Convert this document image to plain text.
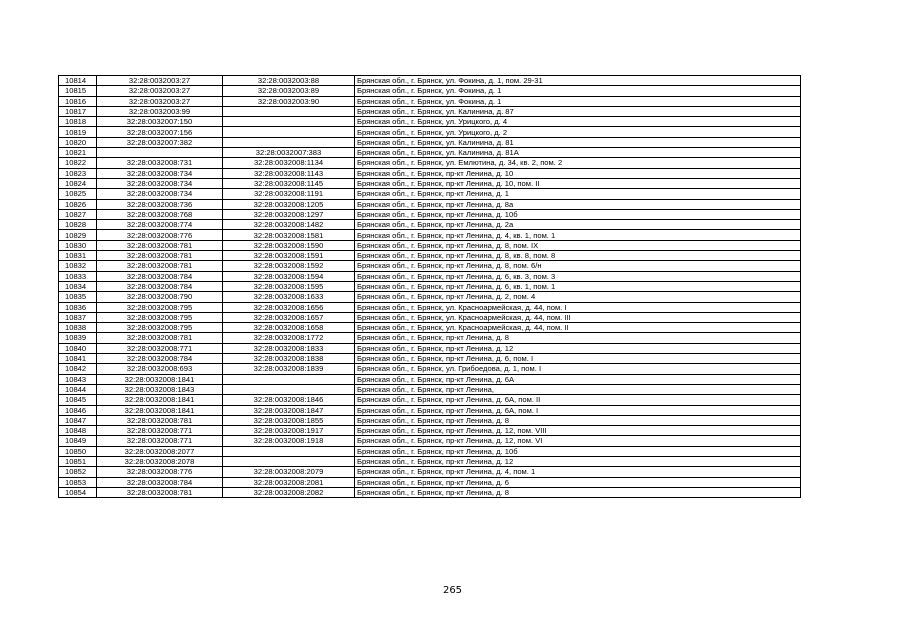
10814	32:28:0032003:27	32:28:0032003:88	Брянская обл., г. Брянск, ул. Фокина, д. 1, пом. 29-31
10815	32:28:0032003:27	32:28:0032003:89	Брянская обл., г. Брянск, ул. Фокина, д. 1
10816	32:28:0032003:27	32:28:0032003:90	Брянская обл., г. Брянск, ул. Фокина, д. 1
10817	32:28:0032003:99		Брянская обл., г. Брянск, ул. Калинина, д. 87
10818	32:28:0032007:150		Брянская обл., г. Брянск, ул. Урицкого, д. 4
10819	32:28:0032007:156		Брянская обл., г. Брянск, ул. Урицкого, д. 2
10820	32:28:0032007:382		Брянская обл., г. Брянск, ул. Калинина, д. 81
10821		32:28:0032007:383	Брянская обл., г. Брянск, ул. Калинина, д. 81А
10822	32:28:0032008:731	32:28:0032008:1134	Брянская обл., г. Брянск, ул. Емлютина, д. 34, кв. 2, пом. 2
10823	32:28:0032008:734	32:28:0032008:1143	Брянская обл., г. Брянск, пр-кт Ленина, д. 10
10824	32:28:0032008:734	32:28:0032008:1145	Брянская обл., г. Брянск, пр-кт Ленина, д. 10, пом. II
10825	32:28:0032008:734	32:28:0032008:1191	Брянская обл., г. Брянск, пр-кт Ленина, д. 1
10826	32:28:0032008:736	32:28:0032008:1205	Брянская обл., г. Брянск, пр-кт Ленина, д. 8а
10827	32:28:0032008:768	32:28:0032008:1297	Брянская обл., г. Брянск, пр-кт Ленина, д. 10б
10828	32:28:0032008:774	32:28:0032008:1482	Брянская обл., г. Брянск, пр-кт Ленина, д. 2а
10829	32:28:0032008:776	32:28:0032008:1581	Брянская обл., г. Брянск, пр-кт Ленина, д. 4, кв. 1, пом. 1
10830	32:28:0032008:781	32:28:0032008:1590	Брянская обл., г. Брянск, пр-кт Ленина, д. 8, пом. IX
10831	32:28:0032008:781	32:28:0032008:1591	Брянская обл., г. Брянск, пр-кт Ленина, д. 8, кв. 8, пом. 8
10832	32:28:0032008:781	32:28:0032008:1592	Брянская обл., г. Брянск, пр-кт Ленина, д. 8, пом. 6/н
10833	32:28:0032008:784	32:28:0032008:1594	Брянская обл., г. Брянск, пр-кт Ленина, д. 6, кв. 3, пом. 3
10834	32:28:0032008:784	32:28:0032008:1595	Брянская обл., г. Брянск, пр-кт Ленина, д. 6, кв. 1, пом. 1
10835	32:28:0032008:790	32:28:0032008:1633	Брянская обл., г. Брянск, пр-кт Ленина, д. 2, пом. 4
10836	32:28:0032008:795	32:28:0032008:1656	Брянская обл., г. Брянск, ул. Красноармейская, д. 44, пом. I
10837	32:28:0032008:795	32:28:0032008:1657	Брянская обл., г. Брянск, ул. Красноармейская, д. 44, пом. III
10838	32:28:0032008:795	32:28:0032008:1658	Брянская обл., г. Брянск, ул. Красноармейская, д. 44, пом. II
10839	32:28:0032008:781	32:28:0032008:1772	Брянская обл., г. Брянск, пр-кт Ленина, д. 8
10840	32:28:0032008:771	32:28:0032008:1833	Брянская обл., г. Брянск, пр-кт Ленина, д. 12
10841	32:28:0032008:784	32:28:0032008:1838	Брянская обл., г. Брянск, пр-кт Ленина, д. 6, пом. I
10842	32:28:0032008:693	32:28:0032008:1839	Брянская обл., г. Брянск, ул. Грибоедова, д. 1, пом. I
10843	32:28:0032008:1841		Брянская обл., г. Брянск, пр-кт Ленина, д. 6А
10844	32:28:0032008:1843		Брянская обл., г. Брянск, пр-кт Ленина,
10845	32:28:0032008:1841	32:28:0032008:1846	Брянская обл., г. Брянск, пр-кт Ленина, д. 6А, пом. II
10846	32:28:0032008:1841	32:28:0032008:1847	Брянская обл., г. Брянск, пр-кт Ленина, д. 6А, пом. I
10847	32:28:0032008:781	32:28:0032008:1855	Брянская обл., г. Брянск, пр-кт Ленина, д. 8
10848	32:28:0032008:771	32:28:0032008:1917	Брянская обл., г. Брянск, пр-кт Ленина, д. 12, пом. VIII
10849	32:28:0032008:771	32:28:0032008:1918	Брянская обл., г. Брянск, пр-кт Ленина, д. 12, пом. VI
10850	32:28:0032008:2077		Брянская обл., г. Брянск, пр-кт Ленина, д. 10б
10851	32:28:0032008:2078		Брянская обл., г. Брянск, пр-кт Ленина, д. 12
10852	32:28:0032008:776	32:28:0032008:2079	Брянская обл., г. Брянск, пр-кт Ленина, д. 4, пом. 1
10853	32:28:0032008:784	32:28:0032008:2081	Брянская обл., г. Брянск, пр-кт Ленина, д. 6
10854	32:28:0032008:781	32:28:0032008:2082	Брянская обл., г. Брянск, пр-кт Ленина, д. 8
265
